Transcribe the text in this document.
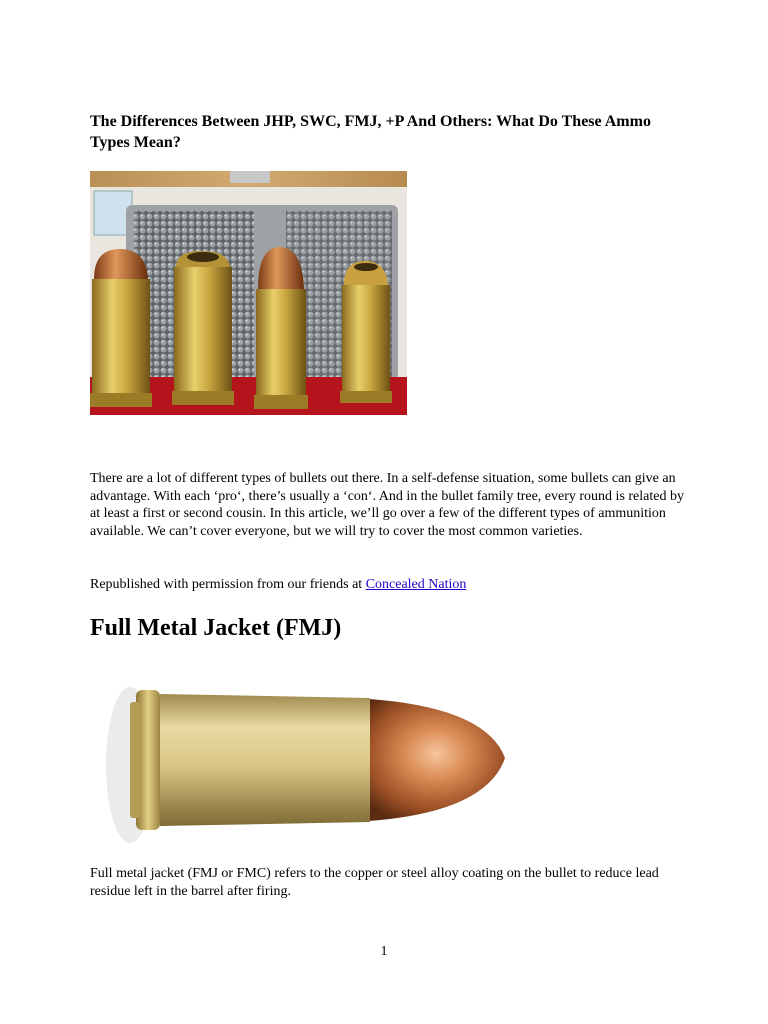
The Differences Between JHP, SWC, FMJ, +P And Others: What Do These Ammo Types Mean?

There are a lot of different types of bullets out there. In a self-defense situation, some bullets can give an advantage. With each ‘pro‘, there’s usually a ‘con‘. And in the bullet family tree, every round is related by at least a first or second cousin. In this article, we’ll go over a few of the different types of ammunition available. We can’t cover everyone, but we will try to cover the most common varieties.

Republished with permission from our friends at Concealed Nation

Full Metal Jacket (FMJ)

Full metal jacket (FMJ or FMC) refers to the copper or steel alloy coating on the bullet to reduce lead residue left in the barrel after firing.

1
